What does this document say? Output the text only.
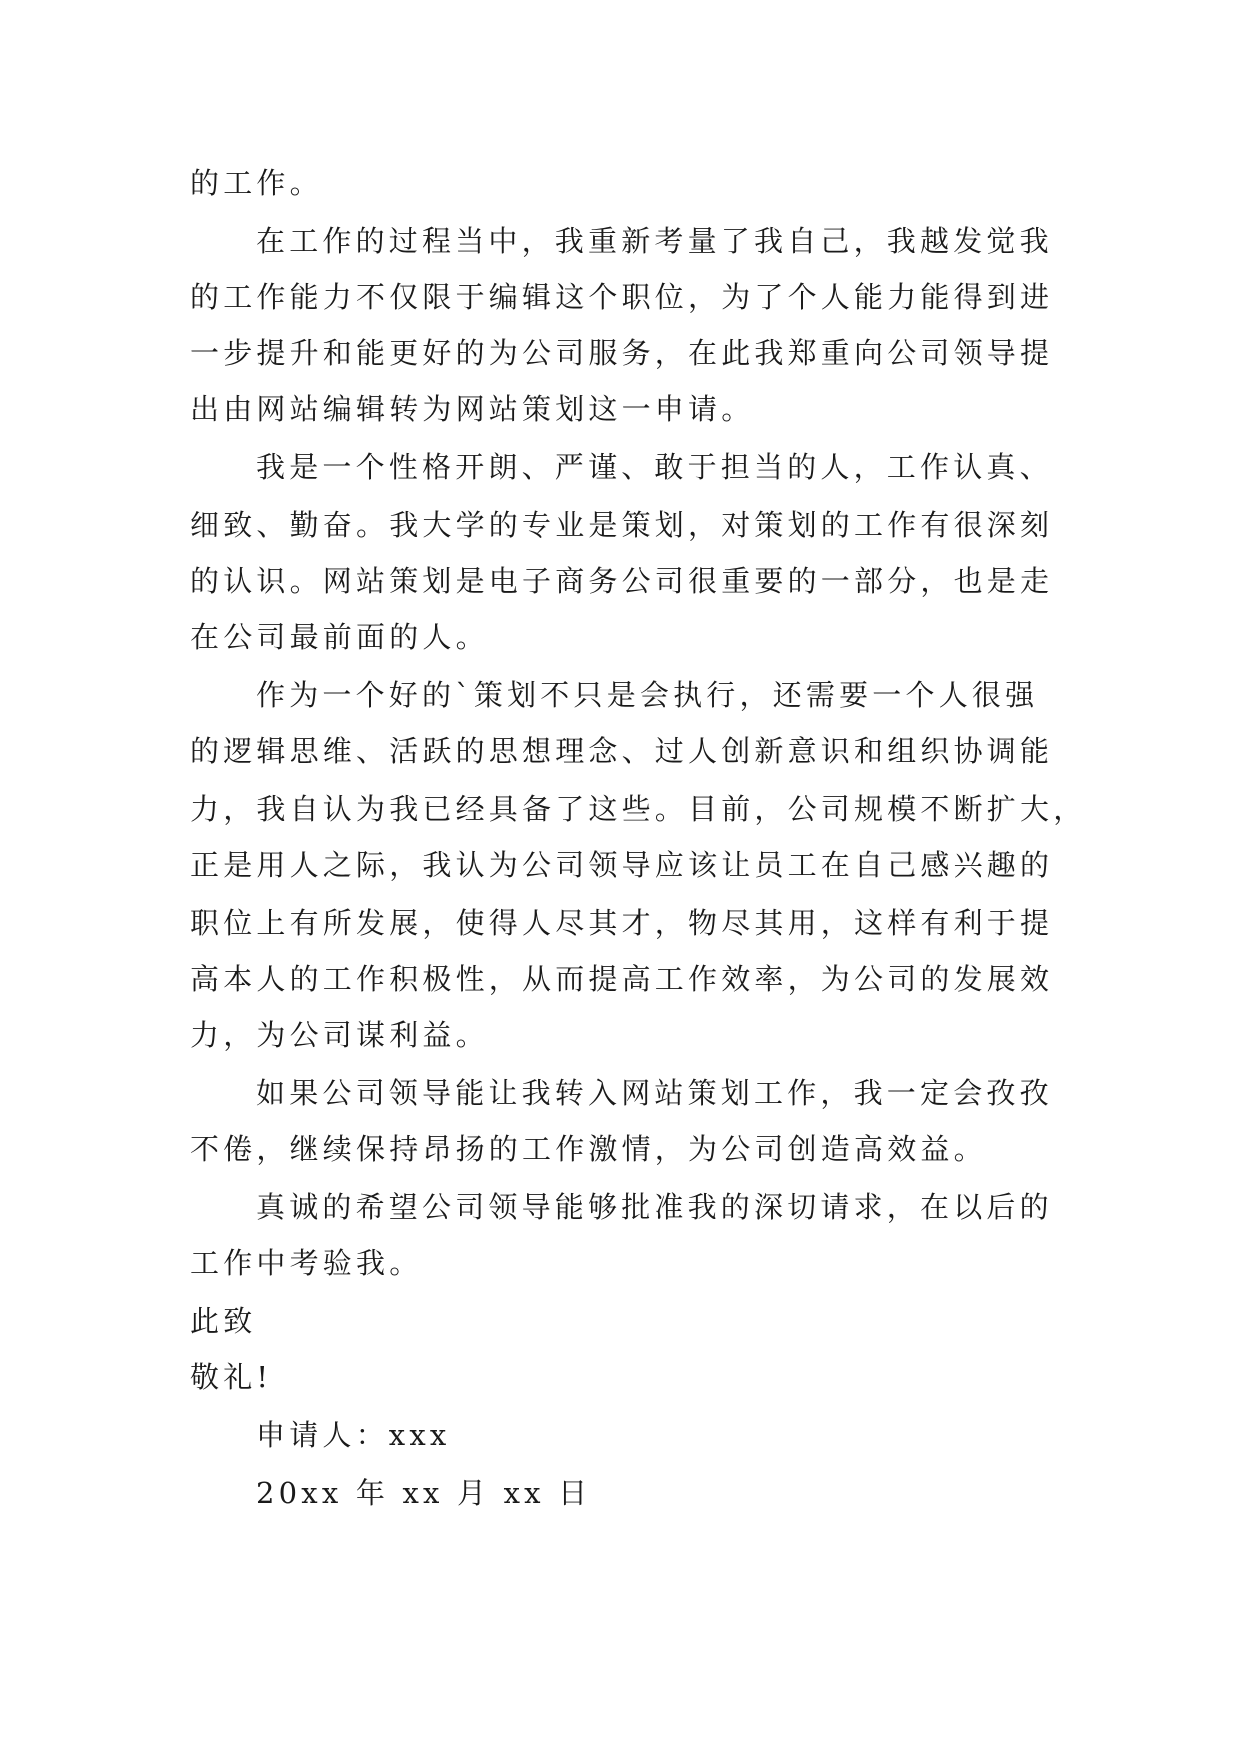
的工作。
在工作的过程当中，我重新考量了我自己，我越发觉我
的工作能力不仅限于编辑这个职位，为了个人能力能得到进
一步提升和能更好的为公司服务，在此我郑重向公司领导提
出由网站编辑转为网站策划这一申请。
我是一个性格开朗、严谨、敢于担当的人，工作认真、
细致、勤奋。我大学的专业是策划，对策划的工作有很深刻
的认识。网站策划是电子商务公司很重要的一部分，也是走
在公司最前面的人。
作为一个好的`策划不只是会执行，还需要一个人很强
的逻辑思维、活跃的思想理念、过人创新意识和组织协调能
力，我自认为我已经具备了这些。目前，公司规模不断扩大，
正是用人之际，我认为公司领导应该让员工在自己感兴趣的
职位上有所发展，使得人尽其才，物尽其用，这样有利于提
高本人的工作积极性，从而提高工作效率，为公司的发展效
力，为公司谋利益。
如果公司领导能让我转入网站策划工作，我一定会孜孜
不倦，继续保持昂扬的工作激情，为公司创造高效益。
真诚的希望公司领导能够批准我的深切请求，在以后的
工作中考验我。
此致
敬礼!
申请人：xxx
20xx 年 xx 月 xx 日
